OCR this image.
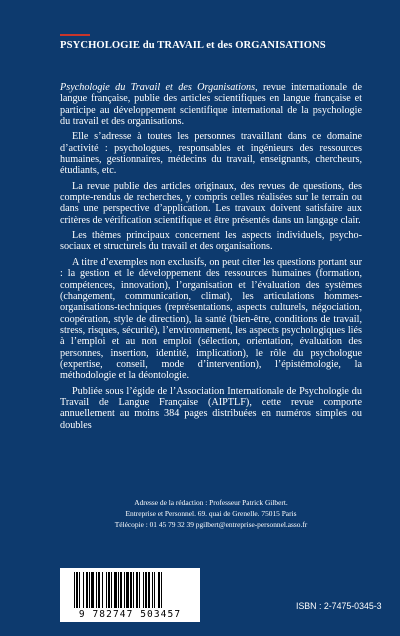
PSYCHOLOGIE du TRAVAIL et des ORGANISATIONS

Psychologie du Travail et des Organisations, revue internationale de langue française, publie des articles scientifiques en langue française et participe au développement scientifique international de la psychologie du travail et des organisations.

Elle s’adresse à toutes les personnes travaillant dans ce domaine d’activité : psychologues, responsables et ingénieurs des ressources humaines, gestionnaires, médecins du travail, enseignants, chercheurs, étudiants, etc.

La revue publie des articles originaux, des revues de questions, des compte-rendus de recherches, y compris celles réalisées sur le terrain ou dans une perspective d’application. Les travaux doivent satisfaire aux critères de vérification scientifique et être présentés dans un langage clair.

Les thèmes principaux concernent les aspects individuels, psycho-sociaux et structurels du travail et des organisations.

A titre d’exemples non exclusifs, on peut citer les questions portant sur : la gestion et le développement des ressources humaines (formation, compétences, innovation), l’organisation et l’évaluation des systèmes (changement, communication, climat), les articulations hommes-organisations-techniques (représentations, aspects culturels, négociation, coopération, style de direction), la santé (bien-être, conditions de travail, stress, risques, sécurité), l’environnement, les aspects psychologiques liés à l’emploi et au non emploi (sélection, orientation, évaluation des personnes, insertion, identité, implication), le rôle du psychologue (expertise, conseil, mode d’intervention), l’épistémologie, la méthodologie et la déontologie.

Publiée sous l’égide de l’Association Internationale de Psychologie du Travail de Langue Française (AIPTLF), cette revue comporte annuellement au moins 384 pages distribuées en numéros simples ou doubles

Adresse de la rédaction : Professeur Patrick Gilbert.
Entreprise et Personnel. 69. quai de Grenelle. 75015 Paris
Télécopie : 01 45 79 32 39 pgilbert@entreprise-personnel.asso.fr
9 782747 503457
ISBN : 2-7475-0345-3
